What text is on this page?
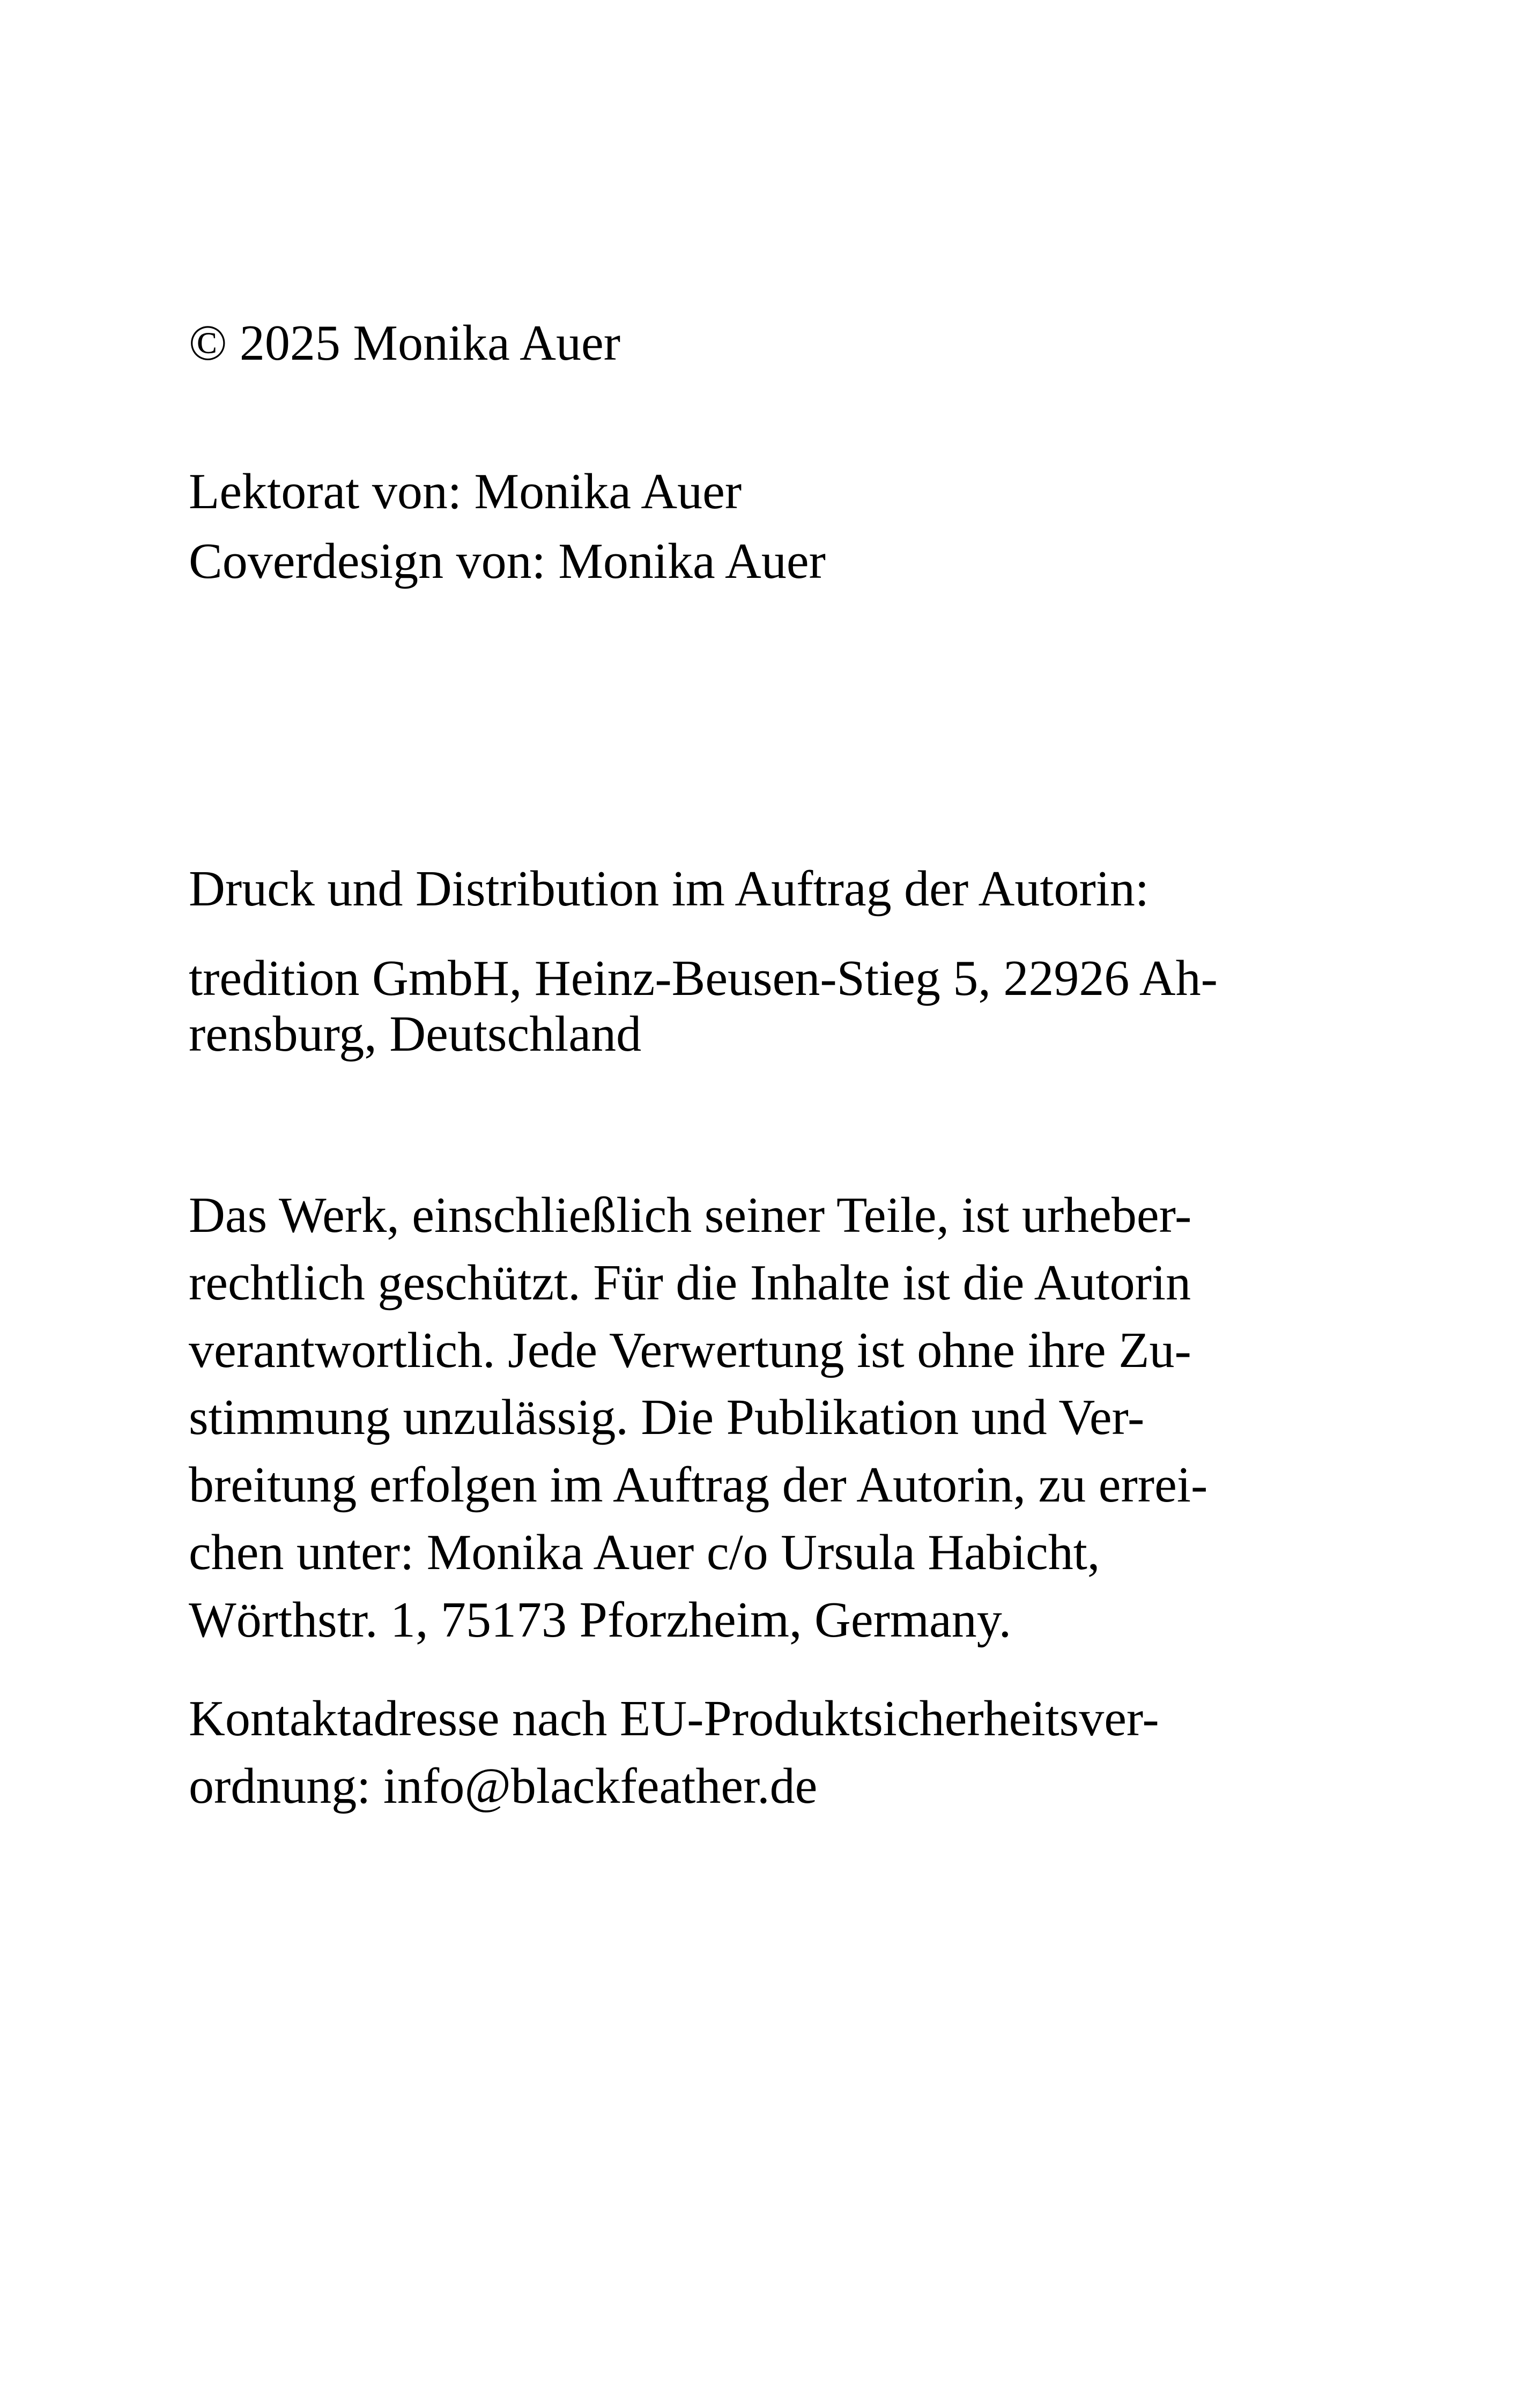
© 2025 Monika Auer
Lektorat von: Monika Auer
Coverdesign von: Monika Auer
Druck und Distribution im Auftrag der Autorin:
tredition GmbH, Heinz-Beusen-Stieg 5, 22926 Ah-
rensburg, Deutschland
Das Werk, einschließlich seiner Teile, ist urheber-
rechtlich geschützt. Für die Inhalte ist die Autorin
verantwortlich. Jede Verwertung ist ohne ihre Zu-
stimmung unzulässig. Die Publikation und Ver-
breitung erfolgen im Auftrag der Autorin, zu errei-
chen unter: Monika Auer c/o Ursula Habicht,
Wörthstr. 1, 75173 Pforzheim, Germany.
Kontaktadresse nach EU-Produktsicherheitsver-
ordnung: info@blackfeather.de
